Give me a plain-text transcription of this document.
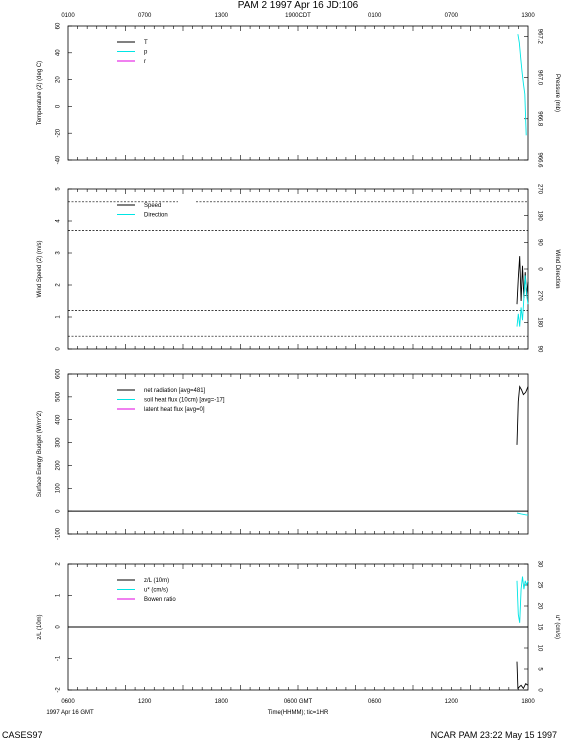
PAM 2 1997 Apr 16 JD:106
0100	0700	1300	1900CDT	0100	0700	1300
Temperature (2) (deg C)	Pressure (mb)
60
40
20
0
-20
-40
967.2
967.0
966.8
966.6
T
p
r
Wind Speed (2) (m/s)	Wind Direction
5
4
3
2
1
0
270
180
90
0
270
180
90
Speed
Direction
Surface Energy Budget (W/m^2)
600
500
400
300
200
100
0
-100
net radiation [avg=481]
soil heat flux (10cm) [avg=-17]
latent heat flux [avg=0]
z/L (10m)	u* (cm/s)
2
1
0
-1
-2
30
25
20
15
10
5
0
z/L (10m)
u* (cm/s)
Bowen ratio
0600	1200	1800	0600 GMT	0600	1200	1800
1997 Apr 16 GMT	Time(HHMM); tic=1HR
CASES97	NCAR PAM 23:22 May 15 1997
